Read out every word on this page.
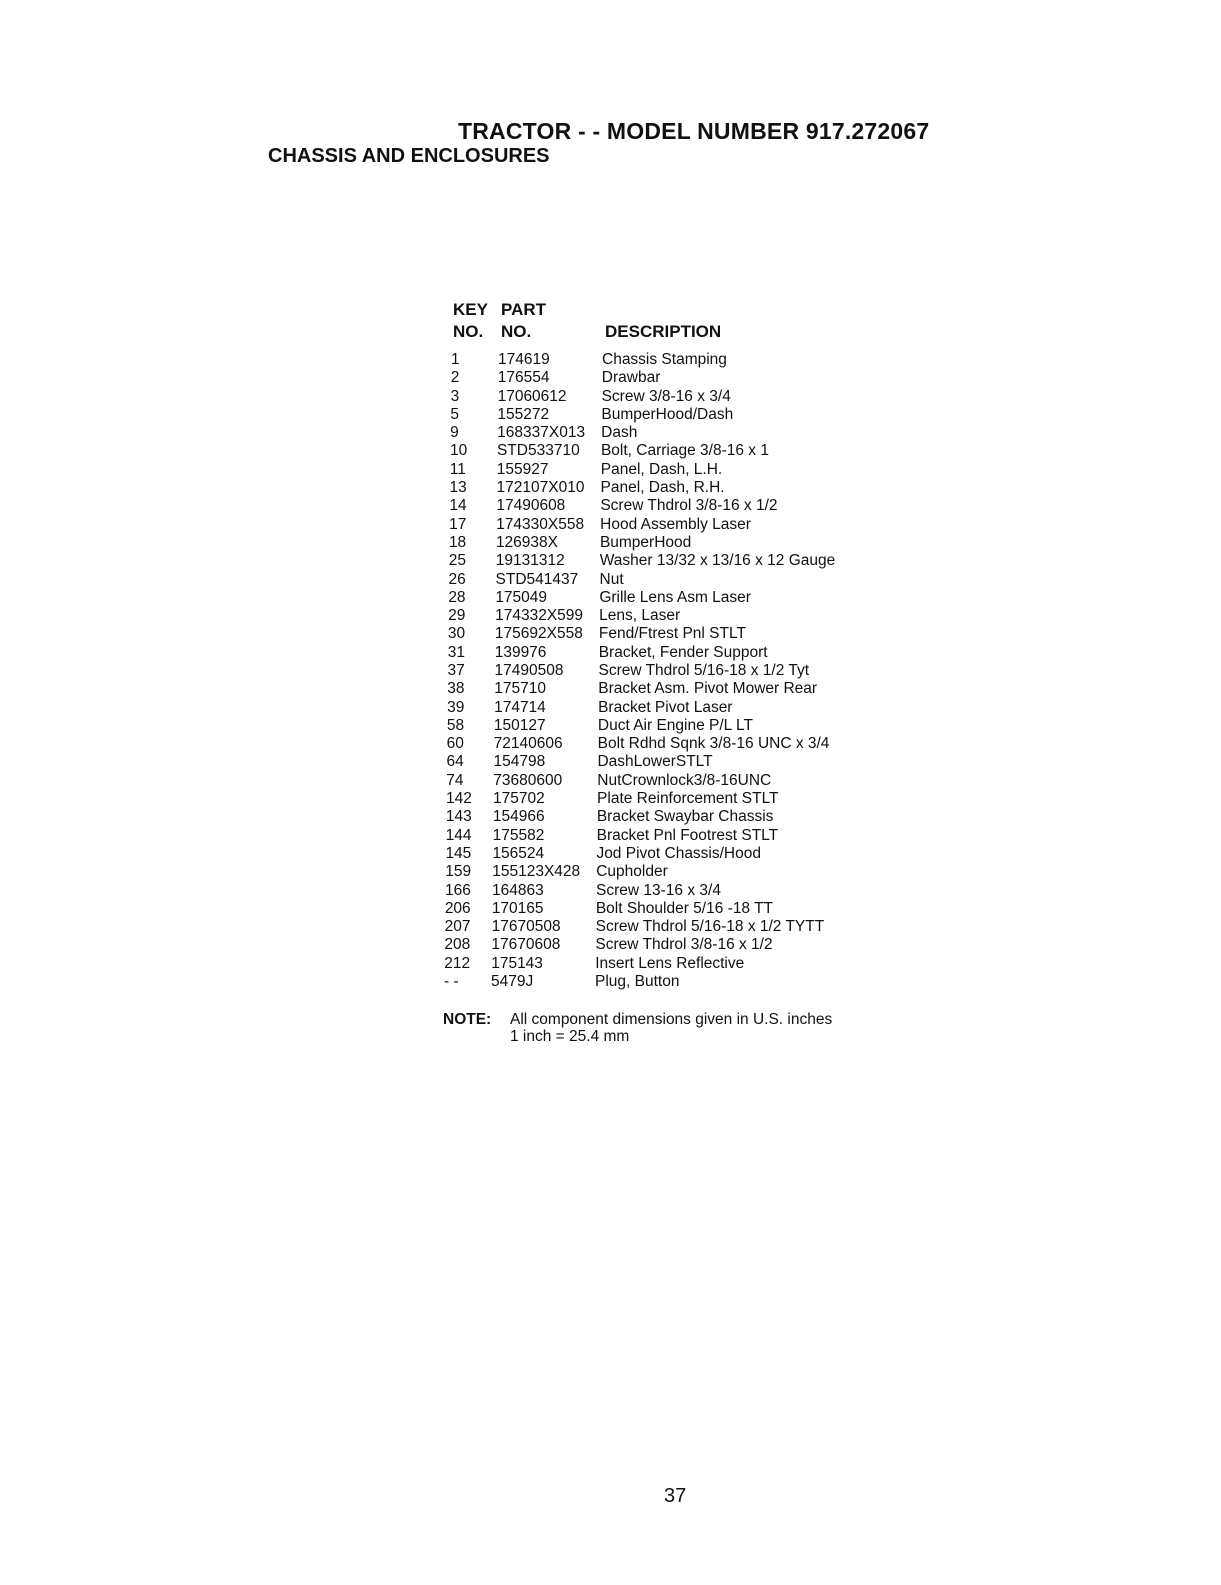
TRACTOR - - MODEL NUMBER 917.272067
CHASSIS AND ENCLOSURES
KEY PART
NO. NO.	DESCRIPTION
1 174619	Chassis Stamping
2 176554	Drawbar
3 17060612 Screw 3/8-16 x 3/4
5 155272	BumperHood/Dash
9 168337X013 Dash
10 STD533710 Bolt, Carriage 3/8-16 x 1
11 155927	Panel, Dash, L.H.
13 172107X010 Panel, Dash, R.H.
14 17490608 Screw Thdrol 3/8-16 x 1/2
17 174330X558 Hood Assembly Laser
18 126938X	BumperHood
25 19131312 Washer 13/32 x 13/16 x 12 Gauge
26 STD541437 Nut
28 175049	Grille Lens Asm Laser
29 174332X599 Lens, Laser
30 175692X558 Fend/Ftrest Pnl STLT
31 139976	Bracket, Fender Support
37 17490508 Screw Thdrol 5/16-18 x 1/2 Tyt
38 175710	Bracket Asm. Pivot Mower Rear
39 174714	Bracket Pivot Laser
58 150127	Duct Air Engine P/L LT
60 72140606 Bolt Rdhd Sqnk 3/8-16 UNC x 3/4
64 154798	DashLowerSTLT
74 73680600 NutCrownlock3/8-16UNC
142 175702	Plate Reinforcement STLT
143 154966	Bracket Swaybar Chassis
144 175582	Bracket Pnl Footrest STLT
145 156524	Jod Pivot Chassis/Hood
159 155123X428 Cupholder
166 164863	Screw 13-16 x 3/4
206 170165	Bolt Shoulder 5/16 -18 TT
207 17670508 Screw Thdrol 5/16-18 x 1/2 TYTT
208 17670608 Screw Thdrol 3/8-16 x 1/2
212 175143	Insert Lens Reflective
- - 5479J	Plug, Button
NOTE: All component dimensions given in U.S. inches
1 inch = 25.4 mm
37
